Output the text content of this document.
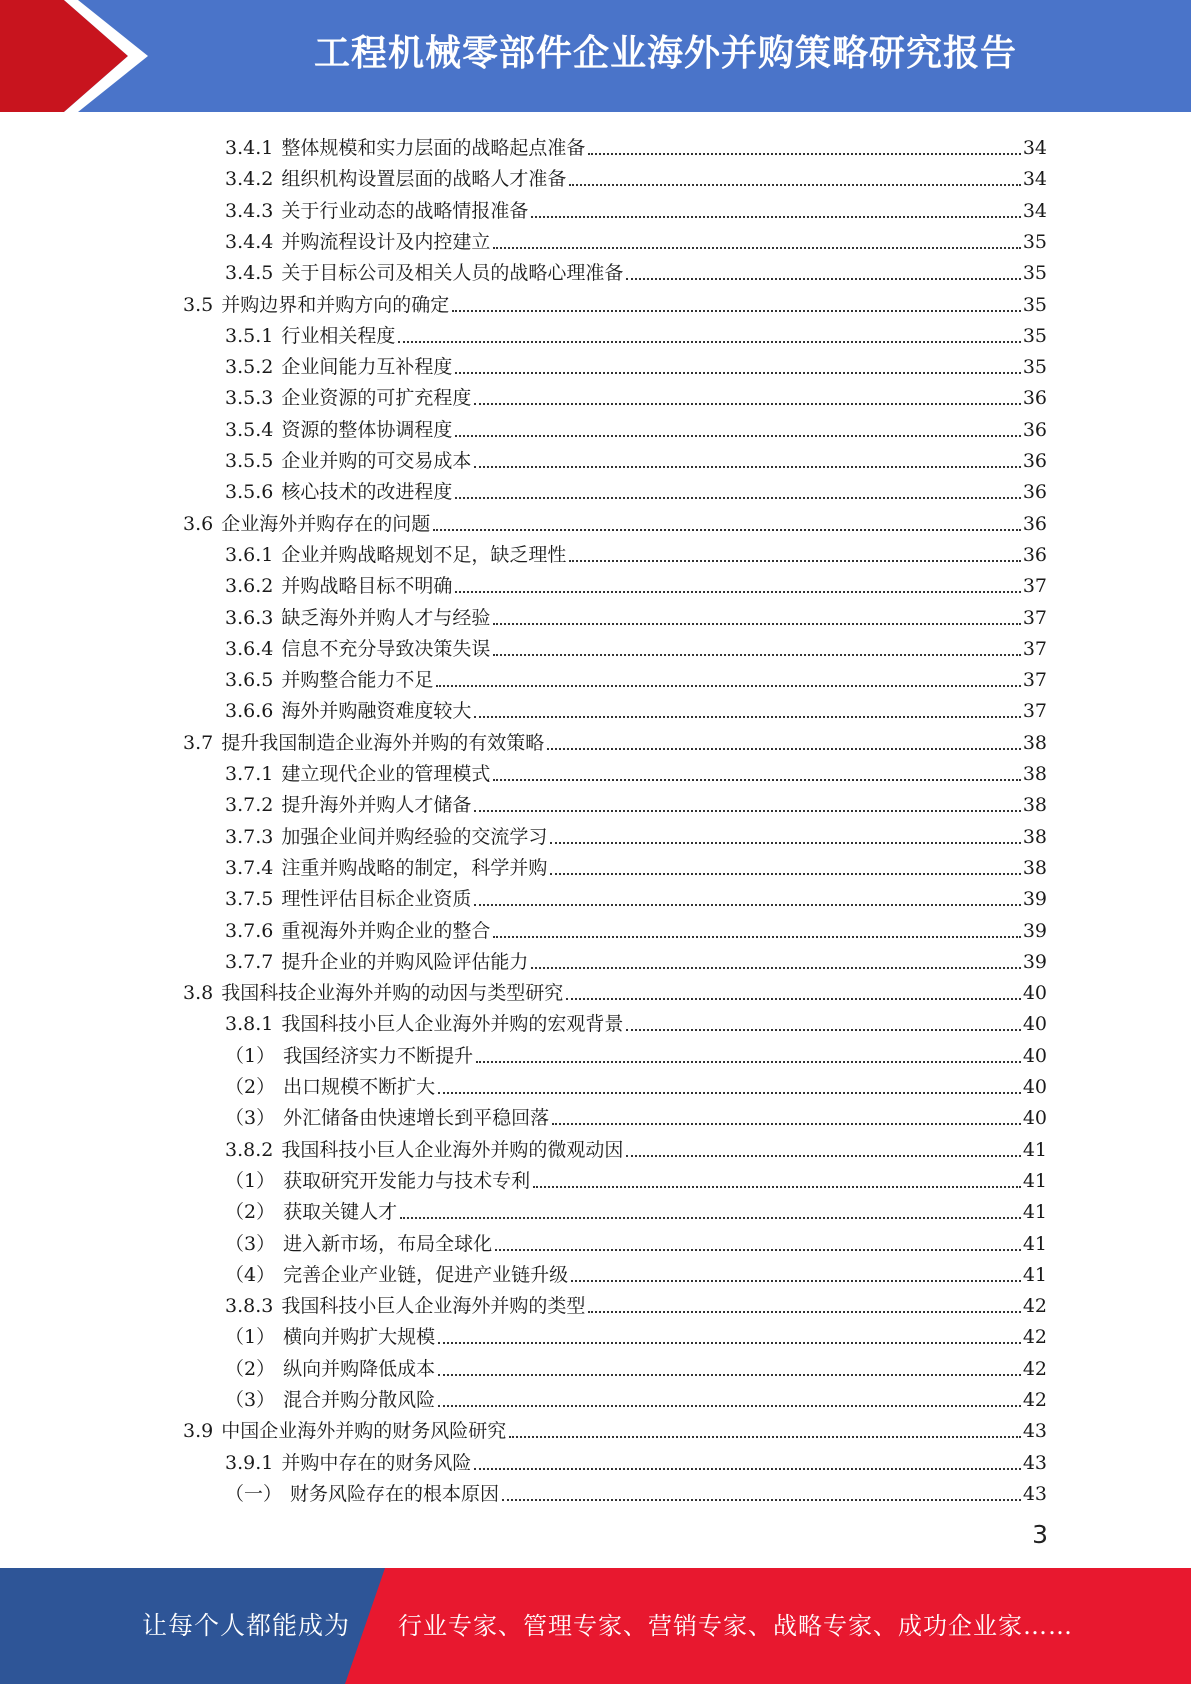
工程机械零部件企业海外并购策略研究报告
3.4.1 整体规模和实力层面的战略起点准备	34
3.4.2 组织机构设置层面的战略人才准备	34
3.4.3 关于行业动态的战略情报准备	34
3.4.4 并购流程设计及内控建立	35
3.4.5 关于目标公司及相关人员的战略心理准备	35
3.5 并购边界和并购方向的确定	35
3.5.1 行业相关程度	35
3.5.2 企业间能力互补程度	35
3.5.3 企业资源的可扩充程度	36
3.5.4 资源的整体协调程度	36
3.5.5 企业并购的可交易成本	36
3.5.6 核心技术的改进程度	36
3.6 企业海外并购存在的问题	36
3.6.1 企业并购战略规划不足，缺乏理性	36
3.6.2 并购战略目标不明确	37
3.6.3 缺乏海外并购人才与经验	37
3.6.4 信息不充分导致决策失误	37
3.6.5 并购整合能力不足	37
3.6.6 海外并购融资难度较大	37
3.7 提升我国制造企业海外并购的有效策略	38
3.7.1 建立现代企业的管理模式	38
3.7.2 提升海外并购人才储备	38
3.7.3 加强企业间并购经验的交流学习	38
3.7.4 注重并购战略的制定，科学并购	38
3.7.5 理性评估目标企业资质	39
3.7.6 重视海外并购企业的整合	39
3.7.7 提升企业的并购风险评估能力	39
3.8 我国科技企业海外并购的动因与类型研究	40
3.8.1 我国科技小巨人企业海外并购的宏观背景	40
（1） 我国经济实力不断提升	40
（2） 出口规模不断扩大	40
（3） 外汇储备由快速增长到平稳回落	40
3.8.2 我国科技小巨人企业海外并购的微观动因	41
（1） 获取研究开发能力与技术专利	41
（2） 获取关键人才	41
（3） 进入新市场，布局全球化	41
（4） 完善企业产业链，促进产业链升级	41
3.8.3 我国科技小巨人企业海外并购的类型	42
（1） 横向并购扩大规模	42
（2） 纵向并购降低成本	42
（3） 混合并购分散风险	42
3.9 中国企业海外并购的财务风险研究	43
3.9.1 并购中存在的财务风险	43
（一） 财务风险存在的根本原因	43
3
让每个人都能成为 行业专家、管理专家、营销专家、战略专家、成功企业家……
